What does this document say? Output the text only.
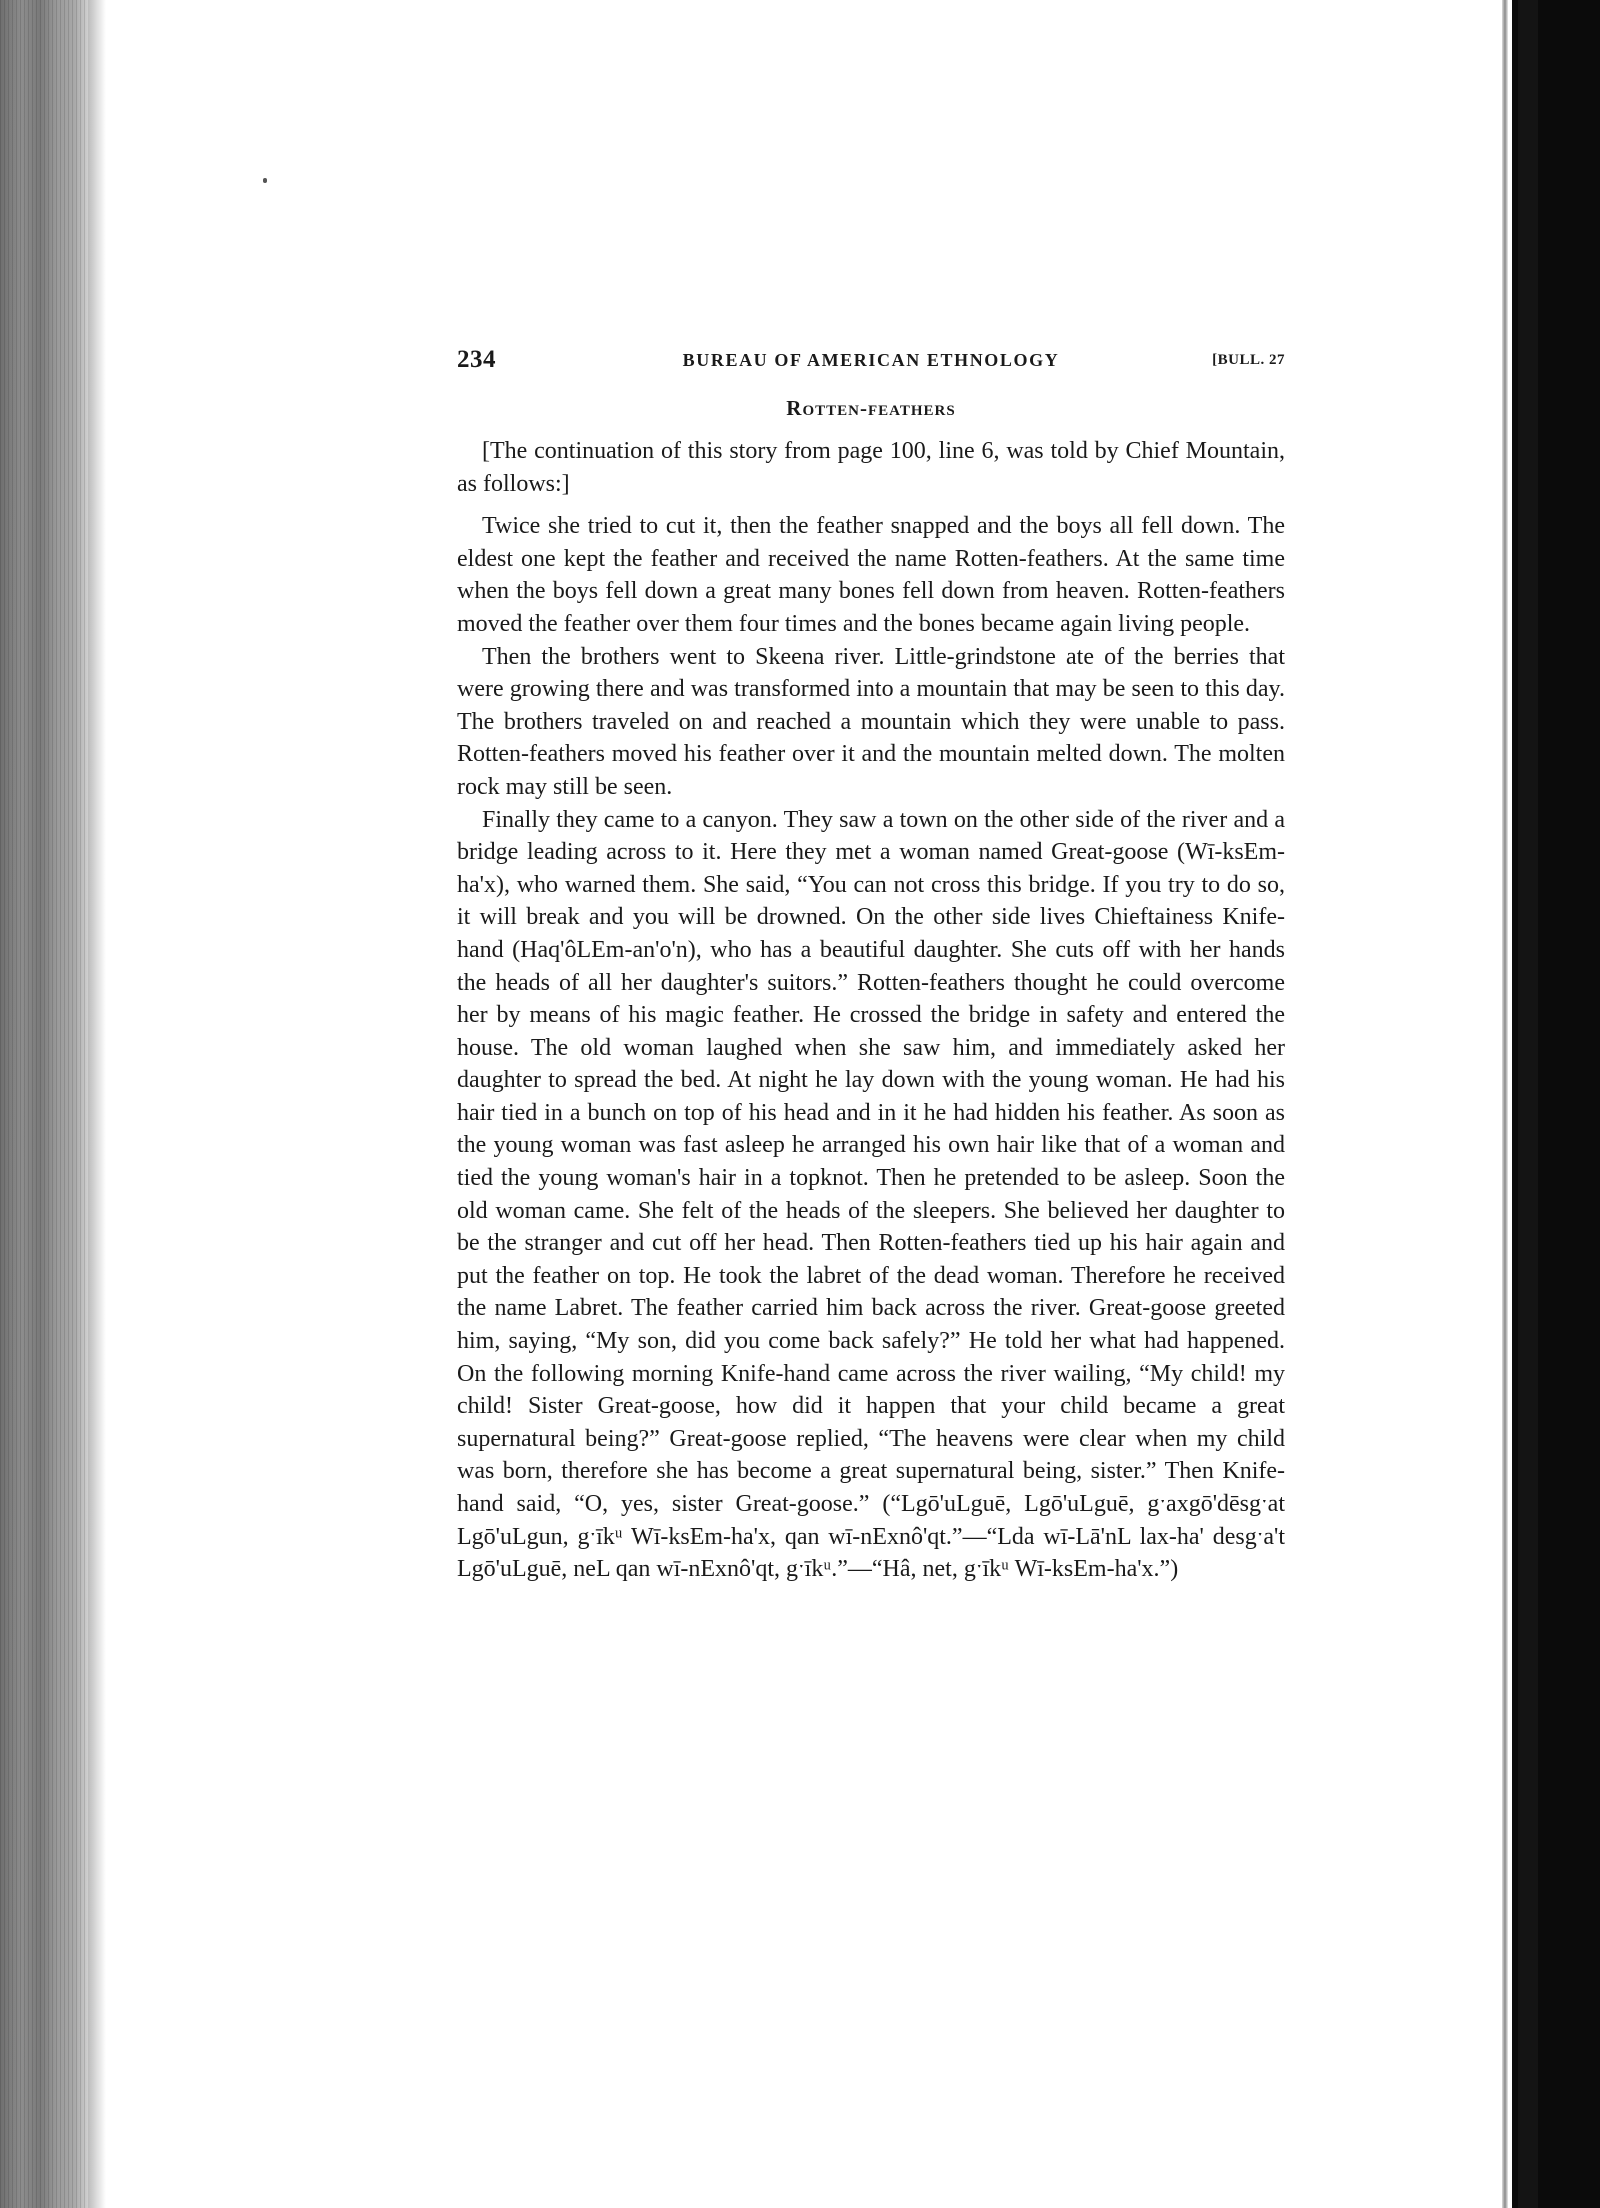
234	BUREAU OF AMERICAN ETHNOLOGY	[BULL. 27
Rotten-feathers

[The continuation of this story from page 100, line 6, was told by Chief Mountain, as follows:]

Twice she tried to cut it, then the feather snapped and the boys all fell down. The eldest one kept the feather and received the name Rotten-feathers. At the same time when the boys fell down a great many bones fell down from heaven. Rotten-feathers moved the feather over them four times and the bones became again living people.

Then the brothers went to Skeena river. Little-grindstone ate of the berries that were growing there and was transformed into a mountain that may be seen to this day. The brothers traveled on and reached a mountain which they were unable to pass. Rotten-feathers moved his feather over it and the mountain melted down. The molten rock may still be seen.

Finally they came to a canyon. They saw a town on the other side of the river and a bridge leading across to it. Here they met a woman named Great-goose (Wī-ksEm-ha'x), who warned them. She said, “You can not cross this bridge. If you try to do so, it will break and you will be drowned. On the other side lives Chieftainess Knife-hand (Haq'ôLEm-an'o'n), who has a beautiful daughter. She cuts off with her hands the heads of all her daughter's suitors.” Rotten-feathers thought he could overcome her by means of his magic feather. He crossed the bridge in safety and entered the house. The old woman laughed when she saw him, and immediately asked her daughter to spread the bed. At night he lay down with the young woman. He had his hair tied in a bunch on top of his head and in it he had hidden his feather. As soon as the young woman was fast asleep he arranged his own hair like that of a woman and tied the young woman's hair in a topknot. Then he pretended to be asleep. Soon the old woman came. She felt of the heads of the sleepers. She believed her daughter to be the stranger and cut off her head. Then Rotten-feathers tied up his hair again and put the feather on top. He took the labret of the dead woman. Therefore he received the name Labret. The feather carried him back across the river. Great-goose greeted him, saying, “My son, did you come back safely?” He told her what had happened. On the following morning Knife-hand came across the river wailing, “My child! my child! Sister Great-goose, how did it happen that your child became a great supernatural being?” Great-goose replied, “The heavens were clear when my child was born, therefore she has become a great supernatural being, sister.” Then Knife-hand said, “O, yes, sister Great-goose.” (“Lgō'uLguē, Lgō'uLguē, gˑaxgō'dēsgˑat Lgō'uLgun, gˑīkᵘ Wī-ksEm-ha'x, qan wī-nExnô'qt.”—“Lda wī-Lā'nL lax-ha' desgˑa't Lgō'uLguē, neL qan wī-nExnô'qt, gˑīkᵘ.”—“Hâ, net, gˑīkᵘ Wī-ksEm-ha'x.”)
